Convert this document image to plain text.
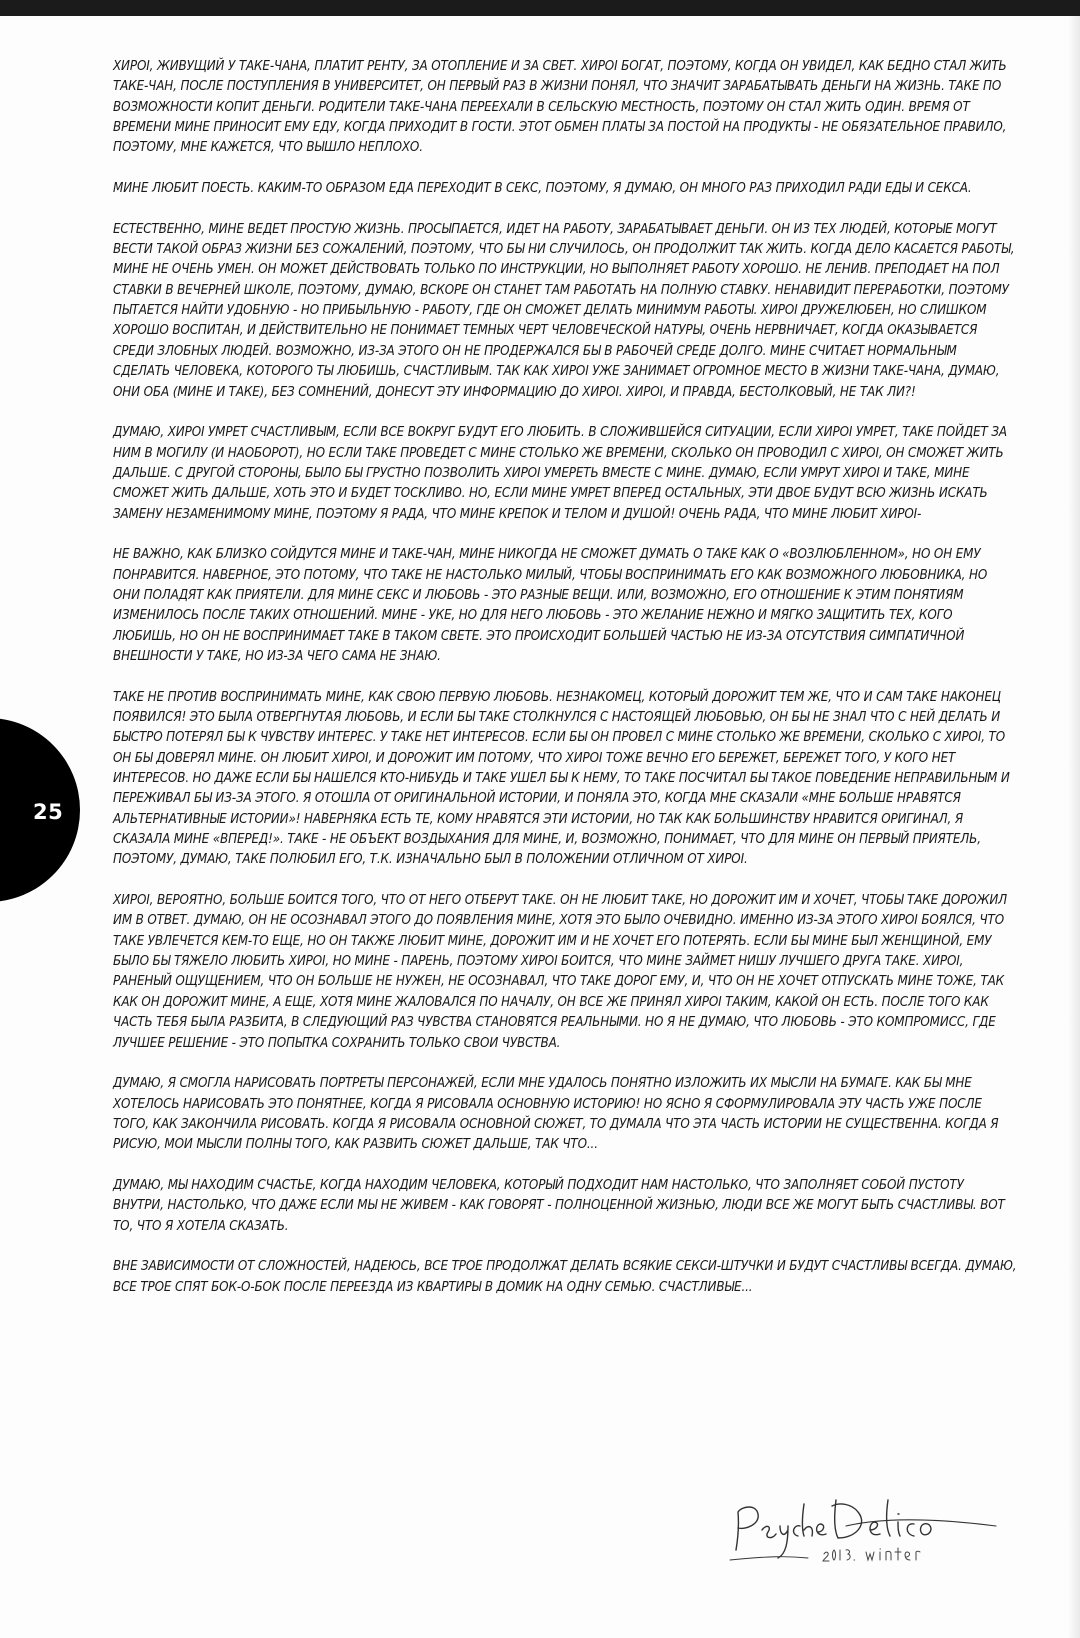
25

ХИРОІ, ЖИВУЩИЙ У ТАКЕ-ЧАНА, ПЛАТИТ РЕНТУ, ЗА ОТОПЛЕНИЕ И ЗА СВЕТ. ХИРОІ БОГАТ, ПОЭТОМУ, КОГДА ОН УВИДЕЛ, КАК БЕДНО СТАЛ ЖИТЬ ТАКЕ-ЧАН, ПОСЛЕ ПОСТУПЛЕНИЯ В УНИВЕРСИТЕТ, ОН ПЕРВЫЙ РАЗ В ЖИЗНИ ПОНЯЛ, ЧТО ЗНАЧИТ ЗАРАБАТЫВАТЬ ДЕНЬГИ НА ЖИЗНЬ. ТАКЕ ПО ВОЗМОЖНОСТИ КОПИТ ДЕНЬГИ. РОДИТЕЛИ ТАКЕ-ЧАНА ПЕРЕЕХАЛИ В СЕЛЬСКУЮ МЕСТНОСТЬ, ПОЭТОМУ ОН СТАЛ ЖИТЬ ОДИН. ВРЕМЯ ОТ ВРЕМЕНИ МИНЕ ПРИНОСИТ ЕМУ ЕДУ, КОГДА ПРИХОДИТ В ГОСТИ. ЭТОТ ОБМЕН ПЛАТЫ ЗА ПОСТОЙ НА ПРОДУКТЫ - НЕ ОБЯЗАТЕЛЬНОЕ ПРАВИЛО, ПОЭТОМУ, МНЕ КАЖЕТСЯ, ЧТО ВЫШЛО НЕПЛОХО.

МИНЕ ЛЮБИТ ПОЕСТЬ. КАКИМ-ТО ОБРАЗОМ ЕДА ПЕРЕХОДИТ В СЕКС, ПОЭТОМУ, Я ДУМАЮ, ОН МНОГО РАЗ ПРИХОДИЛ РАДИ ЕДЫ И СЕКСА.

ЕСТЕСТВЕННО, МИНЕ ВЕДЕТ ПРОСТУЮ ЖИЗНЬ. ПРОСЫПАЕТСЯ, ИДЕТ НА РАБОТУ, ЗАРАБАТЫВАЕТ ДЕНЬГИ. ОН ИЗ ТЕХ ЛЮДЕЙ, КОТОРЫЕ МОГУТ ВЕСТИ ТАКОЙ ОБРАЗ ЖИЗНИ БЕЗ СОЖАЛЕНИЙ, ПОЭТОМУ, ЧТО БЫ НИ СЛУЧИЛОСЬ, ОН ПРОДОЛЖИТ ТАК ЖИТЬ. КОГДА ДЕЛО КАСАЕТСЯ РАБОТЫ, МИНЕ НЕ ОЧЕНЬ УМЕН. ОН МОЖЕТ ДЕЙСТВОВАТЬ ТОЛЬКО ПО ИНСТРУКЦИИ, НО ВЫПОЛНЯЕТ РАБОТУ ХОРОШО. НЕ ЛЕНИВ. ПРЕПОДАЕТ НА ПОЛ СТАВКИ В ВЕЧЕРНЕЙ ШКОЛЕ, ПОЭТОМУ, ДУМАЮ, ВСКОРЕ ОН СТАНЕТ ТАМ РАБОТАТЬ НА ПОЛНУЮ СТАВКУ. НЕНАВИДИТ ПЕРЕРАБОТКИ, ПОЭТОМУ ПЫТАЕТСЯ НАЙТИ УДОБНУЮ - НО ПРИБЫЛЬНУЮ - РАБОТУ, ГДЕ ОН СМОЖЕТ ДЕЛАТЬ МИНИМУМ РАБОТЫ. ХИРОІ ДРУЖЕЛЮБЕН, НО СЛИШКОМ ХОРОШО ВОСПИТАН, И ДЕЙСТВИТЕЛЬНО НЕ ПОНИМАЕТ ТЕМНЫХ ЧЕРТ ЧЕЛОВЕЧЕСКОЙ НАТУРЫ, ОЧЕНЬ НЕРВНИЧАЕТ, КОГДА ОКАЗЫВАЕТСЯ СРЕДИ ЗЛОБНЫХ ЛЮДЕЙ. ВОЗМОЖНО, ИЗ-ЗА ЭТОГО ОН НЕ ПРОДЕРЖАЛСЯ БЫ В РАБОЧЕЙ СРЕДЕ ДОЛГО. МИНЕ СЧИТАЕТ НОРМАЛЬНЫМ СДЕЛАТЬ ЧЕЛОВЕКА, КОТОРОГО ТЫ ЛЮБИШЬ, СЧАСТЛИВЫМ. ТАК КАК ХИРОІ УЖЕ ЗАНИМАЕТ ОГРОМНОЕ МЕСТО В ЖИЗНИ ТАКЕ-ЧАНА, ДУМАЮ, ОНИ ОБА (МИНЕ И ТАКЕ), БЕЗ СОМНЕНИЙ, ДОНЕСУТ ЭТУ ИНФОРМАЦИЮ ДО ХИРОІ. ХИРОІ, И ПРАВДА, БЕСТОЛКОВЫЙ, НЕ ТАК ЛИ?!

ДУМАЮ, ХИРОІ УМРЕТ СЧАСТЛИВЫМ, ЕСЛИ ВСЕ ВОКРУГ БУДУТ ЕГО ЛЮБИТЬ. В СЛОЖИВШЕЙСЯ СИТУАЦИИ, ЕСЛИ ХИРОІ УМРЕТ, ТАКЕ ПОЙДЕТ ЗА НИМ В МОГИЛУ (И НАОБОРОТ), НО ЕСЛИ ТАКЕ ПРОВЕДЕТ С МИНЕ СТОЛЬКО ЖЕ ВРЕМЕНИ, СКОЛЬКО ОН ПРОВОДИЛ С ХИРОІ, ОН СМОЖЕТ ЖИТЬ ДАЛЬШЕ. С ДРУГОЙ СТОРОНЫ, БЫЛО БЫ ГРУСТНО ПОЗВОЛИТЬ ХИРОІ УМЕРЕТЬ ВМЕСТЕ С МИНЕ. ДУМАЮ, ЕСЛИ УМРУТ ХИРОІ И ТАКЕ, МИНЕ СМОЖЕТ ЖИТЬ ДАЛЬШЕ, ХОТЬ ЭТО И БУДЕТ ТОСКЛИВО. НО, ЕСЛИ МИНЕ УМРЕТ ВПЕРЕД ОСТАЛЬНЫХ, ЭТИ ДВОЕ БУДУТ ВСЮ ЖИЗНЬ ИСКАТЬ ЗАМЕНУ НЕЗАМЕНИМОМУ МИНЕ, ПОЭТОМУ Я РАДА, ЧТО МИНЕ КРЕПОК И ТЕЛОМ И ДУШОЙ! ОЧЕНЬ РАДА, ЧТО МИНЕ ЛЮБИТ ХИРОІ-

НЕ ВАЖНО, КАК БЛИЗКО СОЙДУТСЯ МИНЕ И ТАКЕ-ЧАН, МИНЕ НИКОГДА НЕ СМОЖЕТ ДУМАТЬ О ТАКЕ КАК О «ВОЗЛЮБЛЕННОМ», НО ОН ЕМУ ПОНРАВИТСЯ. НАВЕРНОЕ, ЭТО ПОТОМУ, ЧТО ТАКЕ НЕ НАСТОЛЬКО МИЛЫЙ, ЧТОБЫ ВОСПРИНИМАТЬ ЕГО КАК ВОЗМОЖНОГО ЛЮБОВНИКА, НО ОНИ ПОЛАДЯТ КАК ПРИЯТЕЛИ. ДЛЯ МИНЕ СЕКС И ЛЮБОВЬ - ЭТО РАЗНЫЕ ВЕЩИ. ИЛИ, ВОЗМОЖНО, ЕГО ОТНОШЕНИЕ К ЭТИМ ПОНЯТИЯМ ИЗМЕНИЛОСЬ ПОСЛЕ ТАКИХ ОТНОШЕНИЙ. МИНЕ - УКЕ, НО ДЛЯ НЕГО ЛЮБОВЬ - ЭТО ЖЕЛАНИЕ НЕЖНО И МЯГКО ЗАЩИТИТЬ ТЕХ, КОГО ЛЮБИШЬ, НО ОН НЕ ВОСПРИНИМАЕТ ТАКЕ В ТАКОМ СВЕТЕ. ЭТО ПРОИСХОДИТ БОЛЬШЕЙ ЧАСТЬЮ НЕ ИЗ-ЗА ОТСУТСТВИЯ СИМПАТИЧНОЙ ВНЕШНОСТИ У ТАКЕ, НО ИЗ-ЗА ЧЕГО САМА НЕ ЗНАЮ.

ТАКЕ НЕ ПРОТИВ ВОСПРИНИМАТЬ МИНЕ, КАК СВОЮ ПЕРВУЮ ЛЮБОВЬ. НЕЗНАКОМЕЦ, КОТОРЫЙ ДОРОЖИТ ТЕМ ЖЕ, ЧТО И САМ ТАКЕ НАКОНЕЦ ПОЯВИЛСЯ! ЭТО БЫЛА ОТВЕРГНУТАЯ ЛЮБОВЬ, И ЕСЛИ БЫ ТАКЕ СТОЛКНУЛСЯ С НАСТОЯЩЕЙ ЛЮБОВЬЮ, ОН БЫ НЕ ЗНАЛ ЧТО С НЕЙ ДЕЛАТЬ И БЫСТРО ПОТЕРЯЛ БЫ К ЧУВСТВУ ИНТЕРЕС. У ТАКЕ НЕТ ИНТЕРЕСОВ. ЕСЛИ БЫ ОН ПРОВЕЛ С МИНЕ СТОЛЬКО ЖЕ ВРЕМЕНИ, СКОЛЬКО С ХИРОІ, ТО ОН БЫ ДОВЕРЯЛ МИНЕ. ОН ЛЮБИТ ХИРОІ, И ДОРОЖИТ ИМ ПОТОМУ, ЧТО ХИРОІ ТОЖЕ ВЕЧНО ЕГО БЕРЕЖЕТ, БЕРЕЖЕТ ТОГО, У КОГО НЕТ ИНТЕРЕСОВ. НО ДАЖЕ ЕСЛИ БЫ НАШЕЛСЯ КТО-НИБУДЬ И ТАКЕ УШЕЛ БЫ К НЕМУ, ТО ТАКЕ ПОСЧИТАЛ БЫ ТАКОЕ ПОВЕДЕНИЕ НЕПРАВИЛЬНЫМ И ПЕРЕЖИВАЛ БЫ ИЗ-ЗА ЭТОГО. Я ОТОШЛА ОТ ОРИГИНАЛЬНОЙ ИСТОРИИ, И ПОНЯЛА ЭТО, КОГДА МНЕ СКАЗАЛИ «МНЕ БОЛЬШЕ НРАВЯТСЯ АЛЬТЕРНАТИВНЫЕ ИСТОРИИ»! НАВЕРНЯКА ЕСТЬ ТЕ, КОМУ НРАВЯТСЯ ЭТИ ИСТОРИИ, НО ТАК КАК БОЛЬШИНСТВУ НРАВИТСЯ ОРИГИНАЛ, Я СКАЗАЛА МИНЕ «ВПЕРЕД!». ТАКЕ - НЕ ОБЪЕКТ ВОЗДЫХАНИЯ ДЛЯ МИНЕ, И, ВОЗМОЖНО, ПОНИМАЕТ, ЧТО ДЛЯ МИНЕ ОН ПЕРВЫЙ ПРИЯТЕЛЬ, ПОЭТОМУ, ДУМАЮ, ТАКЕ ПОЛЮБИЛ ЕГО, Т.К. ИЗНАЧАЛЬНО БЫЛ В ПОЛОЖЕНИИ ОТЛИЧНОМ ОТ ХИРОІ.

ХИРОІ, ВЕРОЯТНО, БОЛЬШЕ БОИТСЯ ТОГО, ЧТО ОТ НЕГО ОТБЕРУТ ТАКЕ. ОН НЕ ЛЮБИТ ТАКЕ, НО ДОРОЖИТ ИМ И ХОЧЕТ, ЧТОБЫ ТАКЕ ДОРОЖИЛ ИМ В ОТВЕТ. ДУМАЮ, ОН НЕ ОСОЗНАВАЛ ЭТОГО ДО ПОЯВЛЕНИЯ МИНЕ, ХОТЯ ЭТО БЫЛО ОЧЕВИДНО. ИМЕННО ИЗ-ЗА ЭТОГО ХИРОІ БОЯЛСЯ, ЧТО ТАКЕ УВЛЕЧЕТСЯ КЕМ-ТО ЕЩЕ, НО ОН ТАКЖЕ ЛЮБИТ МИНЕ, ДОРОЖИТ ИМ И НЕ ХОЧЕТ ЕГО ПОТЕРЯТЬ. ЕСЛИ БЫ МИНЕ БЫЛ ЖЕНЩИНОЙ, ЕМУ БЫЛО БЫ ТЯЖЕЛО ЛЮБИТЬ ХИРОІ, НО МИНЕ - ПАРЕНЬ, ПОЭТОМУ ХИРОІ БОИТСЯ, ЧТО МИНЕ ЗАЙМЕТ НИШУ ЛУЧШЕГО ДРУГА ТАКЕ. ХИРОІ, РАНЕНЫЙ ОЩУЩЕНИЕМ, ЧТО ОН БОЛЬШЕ НЕ НУЖЕН, НЕ ОСОЗНАВАЛ, ЧТО ТАКЕ ДОРОГ ЕМУ, И, ЧТО ОН НЕ ХОЧЕТ ОТПУСКАТЬ МИНЕ ТОЖЕ, ТАК КАК ОН ДОРОЖИТ МИНЕ, А ЕЩЕ, ХОТЯ МИНЕ ЖАЛОВАЛСЯ ПО НАЧАЛУ, ОН ВСЕ ЖЕ ПРИНЯЛ ХИРОІ ТАКИМ, КАКОЙ ОН ЕСТЬ. ПОСЛЕ ТОГО КАК ЧАСТЬ ТЕБЯ БЫЛА РАЗБИТА, В СЛЕДУЮЩИЙ РАЗ ЧУВСТВА СТАНОВЯТСЯ РЕАЛЬНЫМИ. НО Я НЕ ДУМАЮ, ЧТО ЛЮБОВЬ - ЭТО КОМПРОМИСС, ГДЕ ЛУЧШЕЕ РЕШЕНИЕ - ЭТО ПОПЫТКА СОХРАНИТЬ ТОЛЬКО СВОИ ЧУВСТВА.

ДУМАЮ, Я СМОГЛА НАРИСОВАТЬ ПОРТРЕТЫ ПЕРСОНАЖЕЙ, ЕСЛИ МНЕ УДАЛОСЬ ПОНЯТНО ИЗЛОЖИТЬ ИХ МЫСЛИ НА БУМАГЕ. КАК БЫ МНЕ ХОТЕЛОСЬ НАРИСОВАТЬ ЭТО ПОНЯТНЕЕ, КОГДА Я РИСОВАЛА ОСНОВНУЮ ИСТОРИЮ! НО ЯСНО Я СФОРМУЛИРОВАЛА ЭТУ ЧАСТЬ УЖЕ ПОСЛЕ ТОГО, КАК ЗАКОНЧИЛА РИСОВАТЬ. КОГДА Я РИСОВАЛА ОСНОВНОЙ СЮЖЕТ, ТО ДУМАЛА ЧТО ЭТА ЧАСТЬ ИСТОРИИ НЕ СУЩЕСТВЕННА. КОГДА Я РИСУЮ, МОИ МЫСЛИ ПОЛНЫ ТОГО, КАК РАЗВИТЬ СЮЖЕТ ДАЛЬШЕ, ТАК ЧТО...

ДУМАЮ, МЫ НАХОДИМ СЧАСТЬЕ, КОГДА НАХОДИМ ЧЕЛОВЕКА, КОТОРЫЙ ПОДХОДИТ НАМ НАСТОЛЬКО, ЧТО ЗАПОЛНЯЕТ СОБОЙ ПУСТОТУ ВНУТРИ, НАСТОЛЬКО, ЧТО ДАЖЕ ЕСЛИ МЫ НЕ ЖИВЕМ - КАК ГОВОРЯТ - ПОЛНОЦЕННОЙ ЖИЗНЬЮ, ЛЮДИ ВСЕ ЖЕ МОГУТ БЫТЬ СЧАСТЛИВЫ. ВОТ ТО, ЧТО Я ХОТЕЛА СКАЗАТЬ.

ВНЕ ЗАВИСИМОСТИ ОТ СЛОЖНОСТЕЙ, НАДЕЮСЬ, ВСЕ ТРОЕ ПРОДОЛЖАТ ДЕЛАТЬ ВСЯКИЕ СЕКСИ-ШТУЧКИ И БУДУТ СЧАСТЛИВЫ ВСЕГДА. ДУМАЮ, ВСЕ ТРОЕ СПЯТ БОК-О-БОК ПОСЛЕ ПЕРЕЕЗДА ИЗ КВАРТИРЫ В ДОМИК НА ОДНУ СЕМЬЮ. СЧАСТЛИВЫЕ...
